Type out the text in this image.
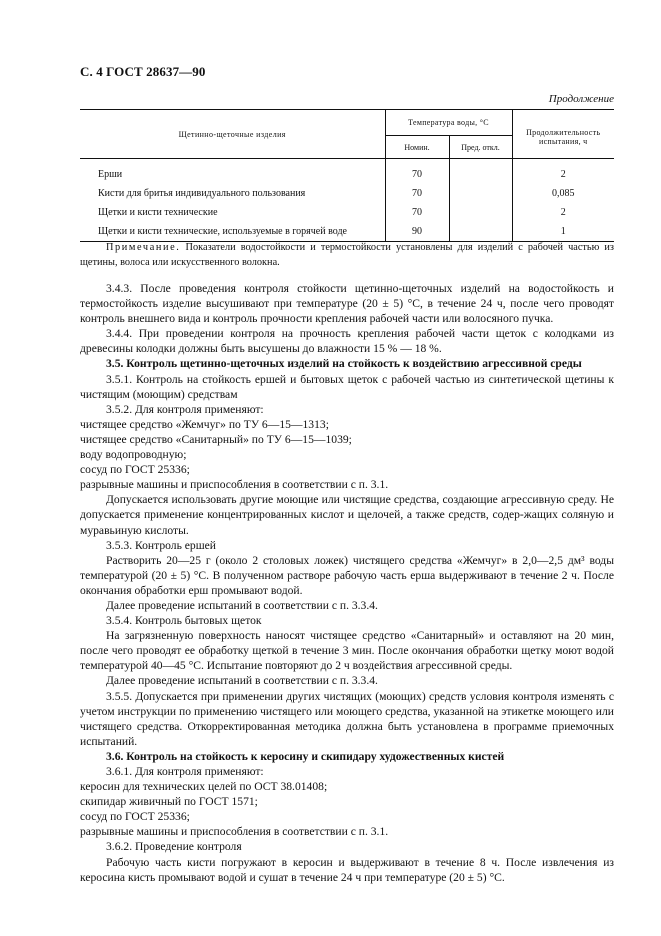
С. 4 ГОСТ 28637—90
Продолжение
Щетинно-щеточные изделия	Температура воды, °С		Продолжительность испытания, ч
	Номин.	Пред. откл.	
Ерши	70		2
Кисти для бритья индивидуального пользования	70		0,085
Щетки и кисти технические	70		2
Щетки и кисти технические, используемые в горячей воде	90		1
Примечание. Показатели водостойкости и термостойкости установлены для изделий с рабочей частью из щетины, волоса или искусственного волокна.

3.4.3. После проведения контроля стойкости щетинно-щеточных изделий на водостойкость и термостойкость изделие высушивают при температуре (20 ± 5) °С, в течение 24 ч, после чего проводят контроль внешнего вида и контроль прочности крепления рабочей части или волосяного пучка.

3.4.4. При проведении контроля на прочность крепления рабочей части щеток с колодками из древесины колодки должны быть высушены до влажности 15 % — 18 %.

3.5. Контроль щетинно-щеточных изделий на стойкость к воздействию агрессивной среды

3.5.1. Контроль на стойкость ершей и бытовых щеток с рабочей частью из синтетической щетины к чистящим (моющим) средствам

3.5.2. Для контроля применяют:

чистящее средство «Жемчуг» по ТУ 6—15—1313;

чистящее средство «Санитарный» по ТУ 6—15—1039;

воду водопроводную;

сосуд по ГОСТ 25336;

разрывные машины и приспособления в соответствии с п. 3.1.

Допускается использовать другие моющие или чистящие средства, создающие агрессивную среду. Не допускается применение концентрированных кислот и щелочей, а также средств, содер-жащих соляную и муравьиную кислоты.

3.5.3. Контроль ершей

Растворить 20—25 г (около 2 столовых ложек) чистящего средства «Жемчуг» в 2,0—2,5 дм³ воды температурой (20 ± 5) °С. В полученном растворе рабочую часть ерша выдерживают в течение 2 ч. После окончания обработки ерш промывают водой.

Далее проведение испытаний в соответствии с п. 3.3.4.

3.5.4. Контроль бытовых щеток

На загрязненную поверхность наносят чистящее средство «Санитарный» и оставляют на 20 мин, после чего проводят ее обработку щеткой в течение 3 мин. После окончания обработки щетку моют водой температурой 40—45 °С. Испытание повторяют до 2 ч воздействия агрессивной среды.

Далее проведение испытаний в соответствии с п. 3.3.4.

3.5.5. Допускается при применении других чистящих (моющих) средств условия контроля изменять с учетом инструкции по применению чистящего или моющего средства, указанной на этикетке моющего или чистящего средства. Откорректированная методика должна быть установлена в программе приемочных испытаний.

3.6. Контроль на стойкость к керосину и скипидару художественных кистей

3.6.1. Для контроля применяют:

керосин для технических целей по ОСТ 38.01408;

скипидар живичный по ГОСТ 1571;

сосуд по ГОСТ 25336;

разрывные машины и приспособления в соответствии с п. 3.1.

3.6.2. Проведение контроля

Рабочую часть кисти погружают в керосин и выдерживают в течение 8 ч. После извлечения из керосина кисть промывают водой и сушат в течение 24 ч при температуре (20 ± 5) °С.
